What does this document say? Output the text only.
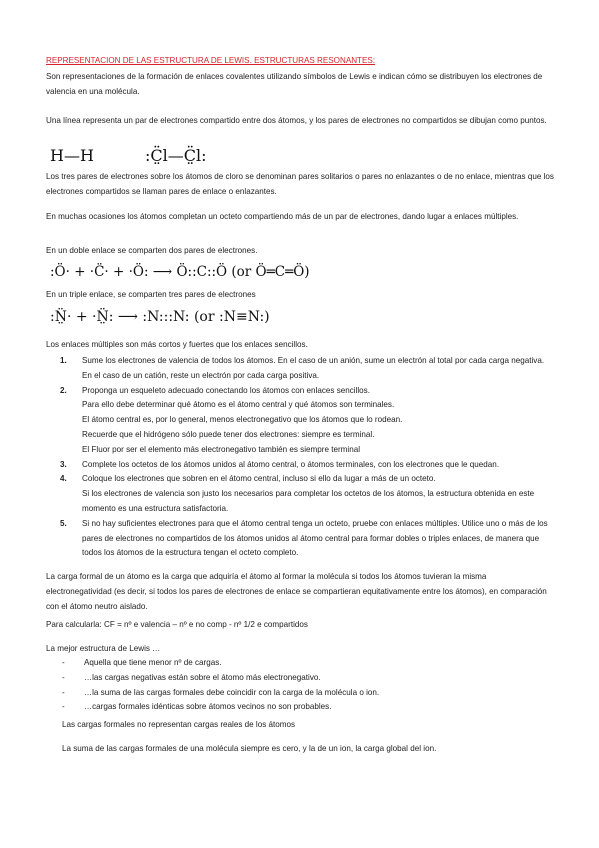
REPRESENTACION DE LAS ESTRUCTURA DE LEWIS. ESTRUCTURAS RESONANTES:

Son representaciones de la formación de enlaces covalentes utilizando símbolos de Lewis e indican cómo se distribuyen los electrones de valencia en una molécula.

Una línea representa un par de electrones compartido entre dos átomos, y los pares de electrones no compartidos se dibujan como puntos.

H—H	:C̤̈l—C̤̈l:

Los tres pares de electrones sobre los átomos de cloro se denominan pares solitarios o pares no enlazantes o de no enlace, mientras que los electrones compartidos se llaman pares de enlace o enlazantes.

En muchas ocasiones los átomos completan un octeto compartiendo más de un par de electrones, dando lugar a enlaces múltiples.

En un doble enlace se comparten dos pares de electrones.

:Ö· + ·C̈· + ·Ö: ⟶ Ö::C::Ö (or Ö═C═Ö)

En un triple enlace, se comparten tres pares de electrones

:N̤̈· + ·N̤̈: ⟶ :N:::N: (or :N≡N:)

Los enlaces múltiples son más cortos y fuertes que los enlaces sencillos.

1. Sume los electrones de valencia de todos los átomos. En el caso de un anión, sume un electrón al total por cada carga negativa. En el caso de un catión, reste un electrón por cada carga positiva.
2. Proponga un esqueleto adecuado conectando los átomos con enlaces sencillos.
Para ello debe determinar qué átomo es el átomo central y qué átomos son terminales.
El átomo central es, por lo general, menos electronegativo que los átomos que lo rodean.
Recuerde que el hidrógeno sólo puede tener dos electrones: siempre es terminal.
El Fluor por ser el elemento más electronegativo también es siempre terminal
3. Complete los octetos de los átomos unidos al átomo central, o átomos terminales, con los electrones que le quedan.
4. Coloque los electrones que sobren en el átomo central, incluso si ello da lugar a más de un octeto.
Si los electrones de valencia son justo los necesarios para completar los octetos de los átomos, la estructura obtenida en este momento es una estructura satisfactoria.
5. Si no hay suficientes electrones para que el átomo central tenga un octeto, pruebe con enlaces múltiples. Utilice uno o más de los pares de electrones no compartidos de los átomos unidos al átomo central para formar dobles o triples enlaces, de manera que todos los átomos de la estructura tengan el octeto completo.

La carga formal de un átomo es la carga que adquiría el átomo al formar la molécula si todos los átomos tuvieran la misma electronegatividad (es decir, si todos los pares de electrones de enlace se compartieran equitativamente entre los átomos), en comparación con el átomo neutro aislado.

Para calcularla: CF = nº e valencia – nº e no comp - nº 1/2 e compartidos

La mejor estructura de Lewis …

- Aquella que tiene menor nº de cargas.
- …las cargas negativas están sobre el átomo más electronegativo.
- …la suma de las cargas formales debe coincidir con la carga de la molécula o ion.
- …cargas formales idénticas sobre átomos vecinos no son probables.

Las cargas formales no representan cargas reales de los átomos

La suma de las cargas formales de una molécula siempre es cero, y la de un ion, la carga global del ion.
